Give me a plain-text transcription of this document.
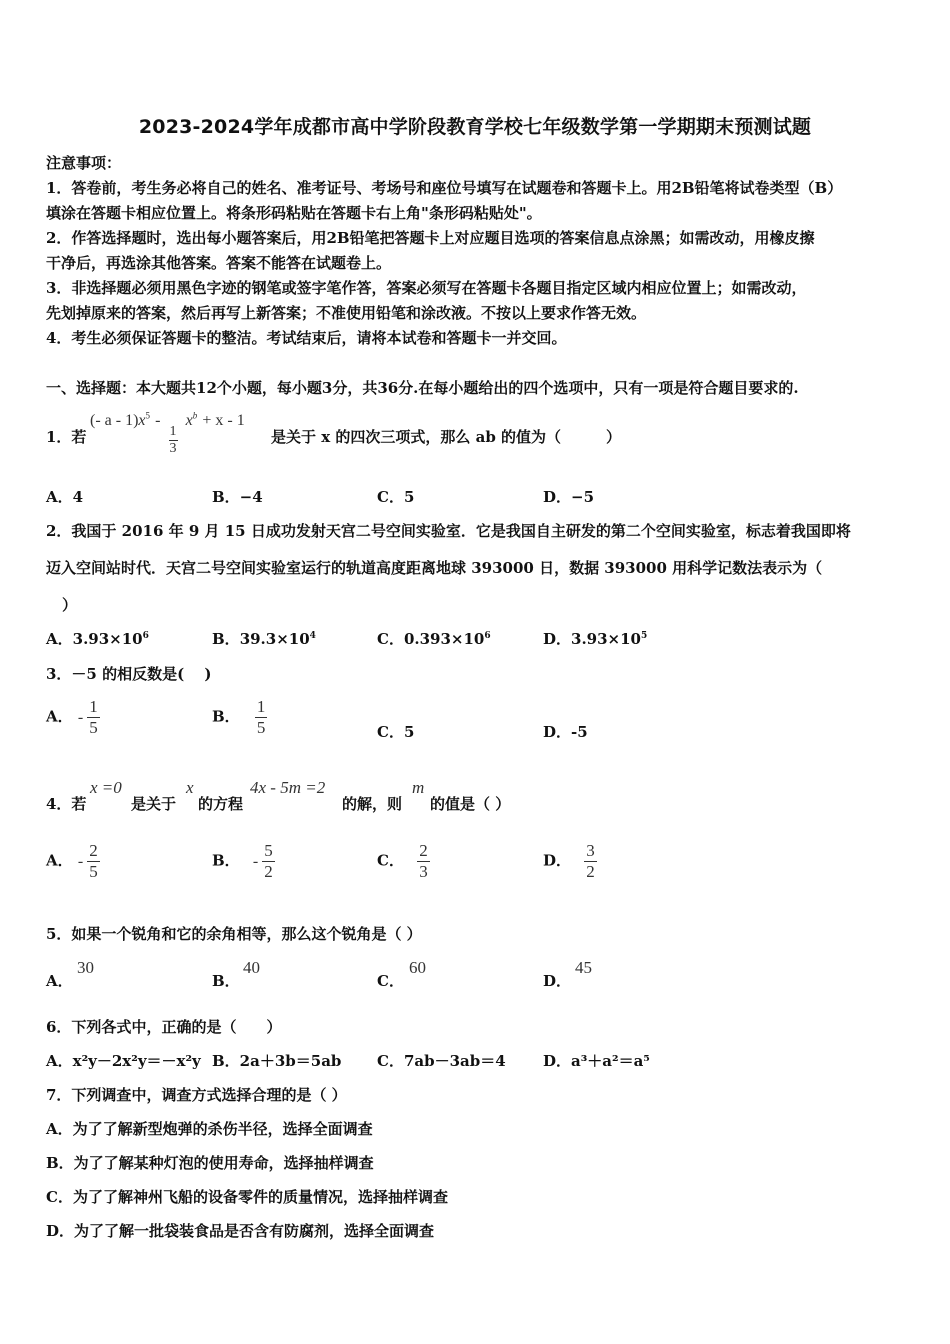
2023-2024学年成都市高中学阶段教育学校七年级数学第一学期期末预测试题
注意事项：
1．答卷前，考生务必将自己的姓名、准考证号、考场号和座位号填写在试题卷和答题卡上。用2B铅笔将试卷类型（B）
填涂在答题卡相应位置上。将条形码粘贴在答题卡右上角"条形码粘贴处"。
2．作答选择题时，选出每小题答案后，用2B铅笔把答题卡上对应题目选项的答案信息点涂黑；如需改动，用橡皮擦
干净后，再选涂其他答案。答案不能答在试题卷上。
3．非选择题必须用黑色字迹的钢笔或签字笔作答，答案必须写在答题卡各题目指定区域内相应位置上；如需改动，
先划掉原来的答案，然后再写上新答案；不准使用铅笔和涂改液。不按以上要求作答无效。
4．考生必须保证答题卡的整洁。考试结束后，请将本试卷和答题卡一并交回。
一、选择题：本大题共12个小题，每小题3分，共36分.在每小题给出的四个选项中，只有一项是符合题目要求的.
1．若
(- a - $1)x^5$ -
$\frac{1}{3}$
$x^b + x - 1$
是关于 x 的四次三项式，那么 ab 的值为（　　　）
A．4	B．−4	C．5	D．−5
2．我国于 2016 年 9 月 15 日成功发射天宫二号空间实验室．它是我国自主研发的第二个空间实验室，标志着我国即将
迈入空间站时代．天宫二号空间实验室运行的轨道高度距离地球 393000 日，数据 393000 用科学记数法表示为（
）
A．$3.93\times 10^6$	B．$39.3\times 10^4$	C．$0.393\times 10^6$	D．$3.93\times 10^5$
3．－5 的相反数是(　 )
A． - $\frac{1}{5}$	B． $\frac{1}{5}$	C．5	D．-5
4．若
x =0
是关于
x
的方程
4x - 5m =2
的解，则
m
的值是（ ）
A． - $\frac{2}{5}$	B． - $\frac{5}{2}$	C． $\frac{2}{3}$	D． $\frac{3}{2}$
5．如果一个锐角和它的余角相等，那么这个锐角是（ ）
A．
30
B．
40
C．
60
D．
45
6．下列各式中，正确的是（　　）
A．x²y－2x²y＝－x²y B．2a＋3b＝5ab C．7ab－3ab＝4 D．a³＋a²＝a⁵
7．下列调查中，调查方式选择合理的是（ ）
A．为了了解新型炮弹的杀伤半径，选择全面调查
B．为了了解某种灯泡的使用寿命，选择抽样调查
C．为了了解神州飞船的设备零件的质量情况，选择抽样调查
D．为了了解一批袋装食品是否含有防腐剂，选择全面调查
